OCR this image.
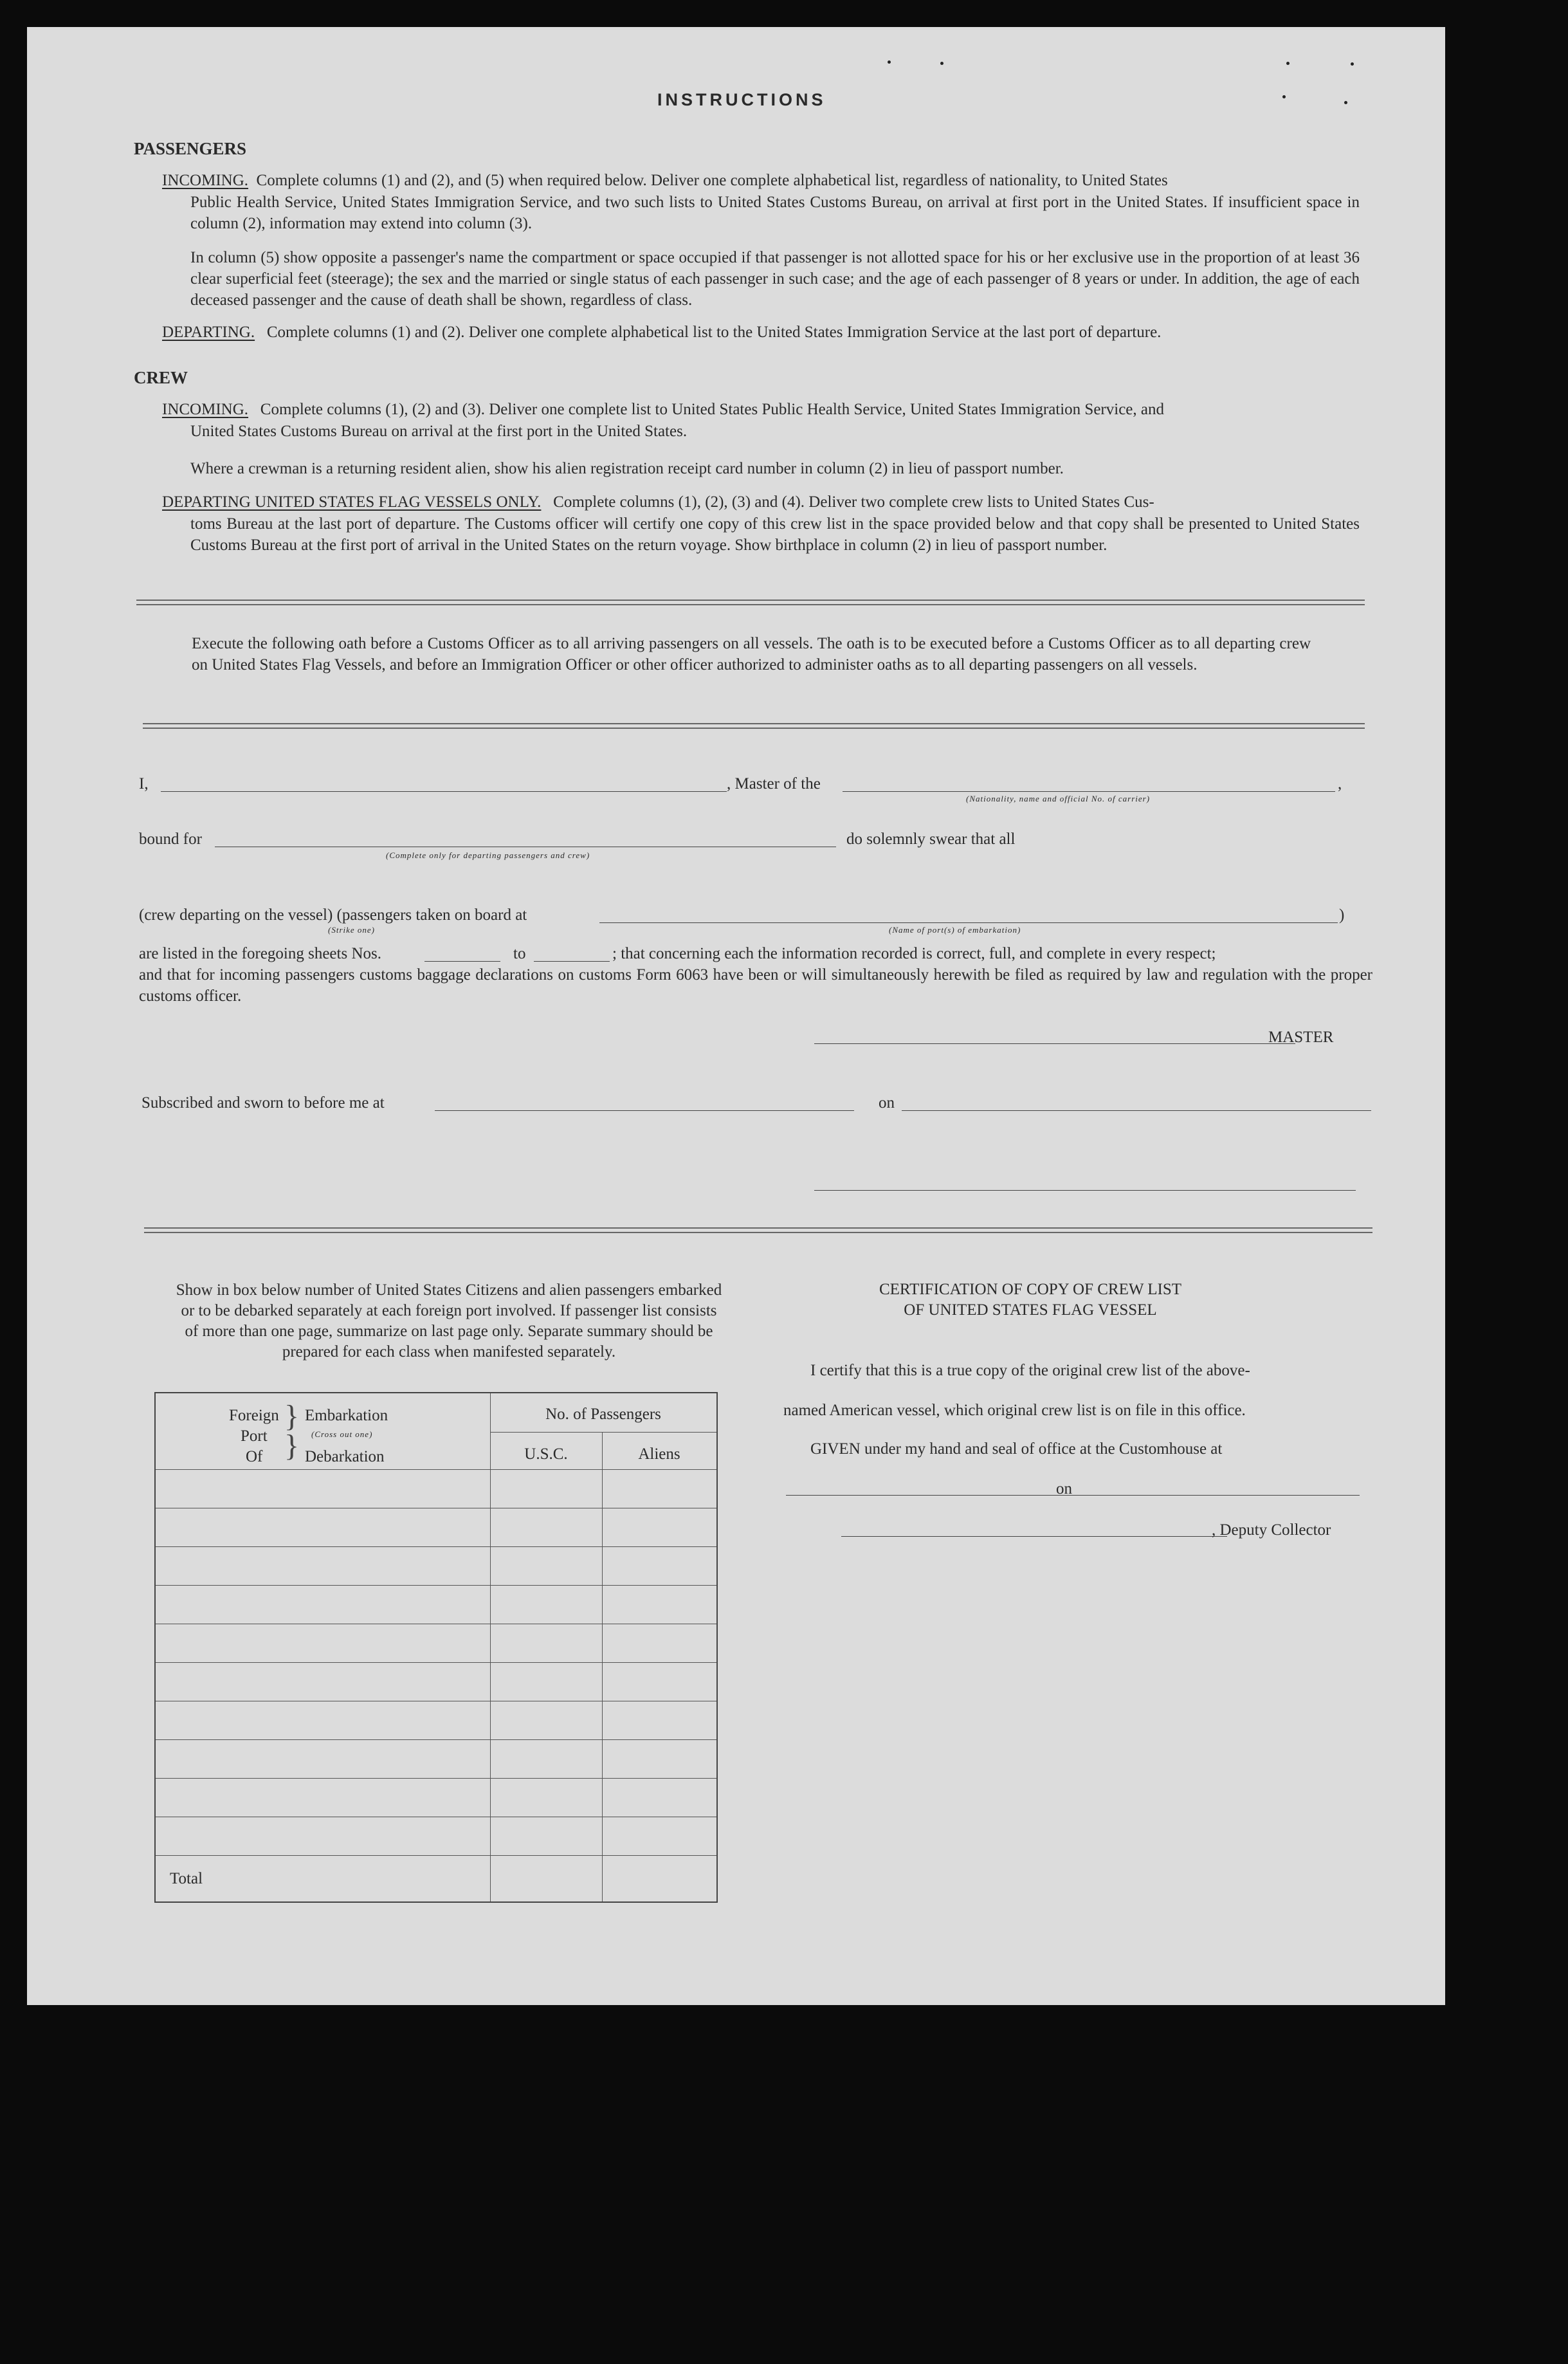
INSTRUCTIONS
PASSENGERS
INCOMING. Complete columns (1) and (2), and (5) when required below. Deliver one complete alphabetical list, regardless of nationality, to United States
Public Health Service, United States Immigration Service, and two such lists to United States Customs Bureau, on arrival at first port in the United States. If insufficient space in column (2), information may extend into column (3).
In column (5) show opposite a passenger's name the compartment or space occupied if that passenger is not allotted space for his or her exclusive use in the proportion of at least 36 clear superficial feet (steerage); the sex and the married or single status of each passenger in such case; and the age of each passenger of 8 years or under. In addition, the age of each deceased passenger and the cause of death shall be shown, regardless of class.
DEPARTING. Complete columns (1) and (2). Deliver one complete alphabetical list to the United States Immigration Service at the last port of departure.
CREW
INCOMING. Complete columns (1), (2) and (3). Deliver one complete list to United States Public Health Service, United States Immigration Service, and
United States Customs Bureau on arrival at the first port in the United States.
Where a crewman is a returning resident alien, show his alien registration receipt card number in column (2) in lieu of passport number.
DEPARTING UNITED STATES FLAG VESSELS ONLY. Complete columns (1), (2), (3) and (4). Deliver two complete crew lists to United States Cus-
toms Bureau at the last port of departure. The Customs officer will certify one copy of this crew list in the space provided below and that copy shall be presented to United States Customs Bureau at the first port of arrival in the United States on the return voyage. Show birthplace in column (2) in lieu of passport number.
Execute the following oath before a Customs Officer as to all arriving passengers on all vessels. The oath is to be executed before a Customs Officer as to all departing crew on United States Flag Vessels, and before an Immigration Officer or other officer authorized to administer oaths as to all departing passengers on all vessels.
I,	, Master of the	,
(Nationality, name and official No. of carrier)
bound for
(Complete only for departing passengers and crew)
do solemnly swear that all
(crew departing on the vessel) (passengers taken on board at	)
(Strike one)	(Name of port(s) of embarkation)
are listed in the foregoing sheets Nos.	to	; that concerning each the information recorded is correct, full, and complete in every respect;
and that for incoming passengers customs baggage declarations on customs Form 6063 have been or will simultaneously herewith be filed as required by law and regulation with the proper customs officer.
MASTER
Subscribed and sworn to before me at	on
Show in box below number of United States Citizens and alien passengers embarked or to be debarked separately at each foreign port involved. If passenger list consists of more than one page, summarize on last page only. Separate summary should be prepared for each class when manifested separately.
Foreign
Port
Of
}
}
Embarkation
(Cross out one)
Debarkation
No. of Passengers
U.S.C.	Aliens
Total
CERTIFICATION OF COPY OF CREW LIST
OF UNITED STATES FLAG VESSEL
I certify that this is a true copy of the original crew list of the above-
named American vessel, which original crew list is on file in this office.
GIVEN under my hand and seal of office at the Customhouse at
on
, Deputy Collector
